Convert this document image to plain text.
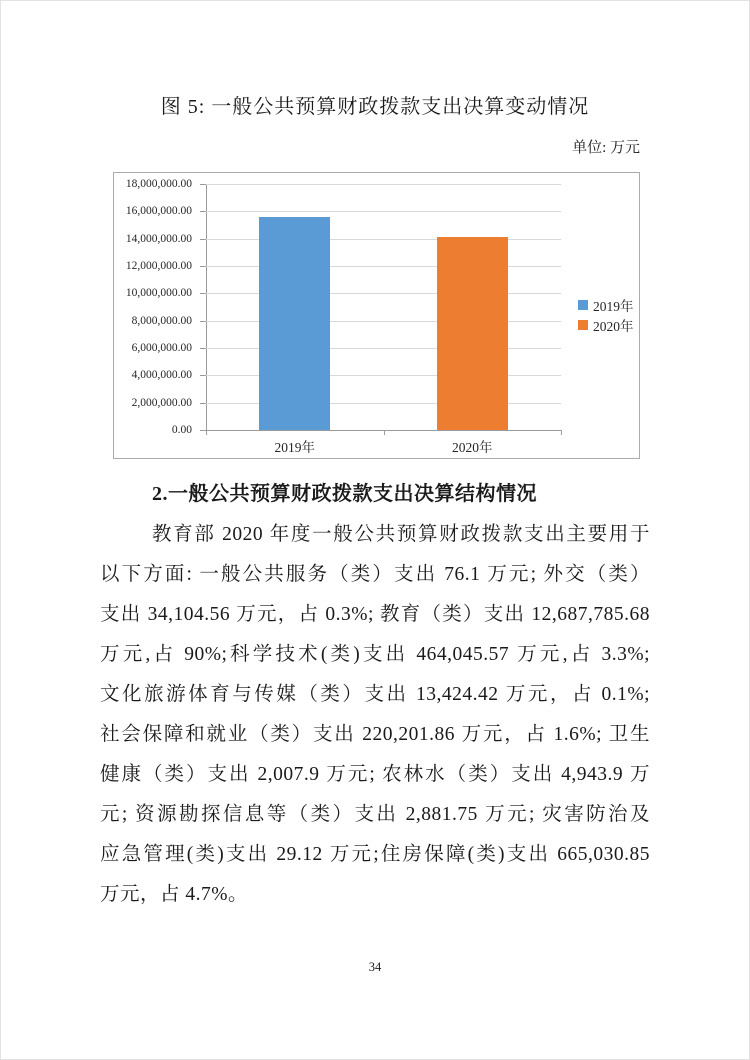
图 5: 一般公共预算财政拨款支出决算变动情况
单位: 万元
2019年
2020年
0.00
2,000,000.00
4,000,000.00
6,000,000.00
8,000,000.00
10,000,000.00
12,000,000.00
14,000,000.00
16,000,000.00
18,000,000.00
2019年	2020年
2.一般公共预算财政拨款支出决算结构情况
教育部 2020 年度一般公共预算财政拨款支出主要用于
以下方面: 一般公共服务（类）支出 76.1 万元; 外交（类）
支出 34,104.56 万元，占 0.3%; 教育（类）支出 12,687,785.68
万元,占 90%;科学技术(类)支出 464,045.57 万元,占 3.3%;
文化旅游体育与传媒（类）支出 13,424.42 万元，占 0.1%;
社会保障和就业（类）支出 220,201.86 万元，占 1.6%; 卫生
健康（类）支出 2,007.9 万元; 农林水（类）支出 4,943.9 万
元; 资源勘探信息等（类）支出 2,881.75 万元; 灾害防治及
应急管理(类)支出 29.12 万元;住房保障(类)支出 665,030.85
万元，占 4.7%。
34
